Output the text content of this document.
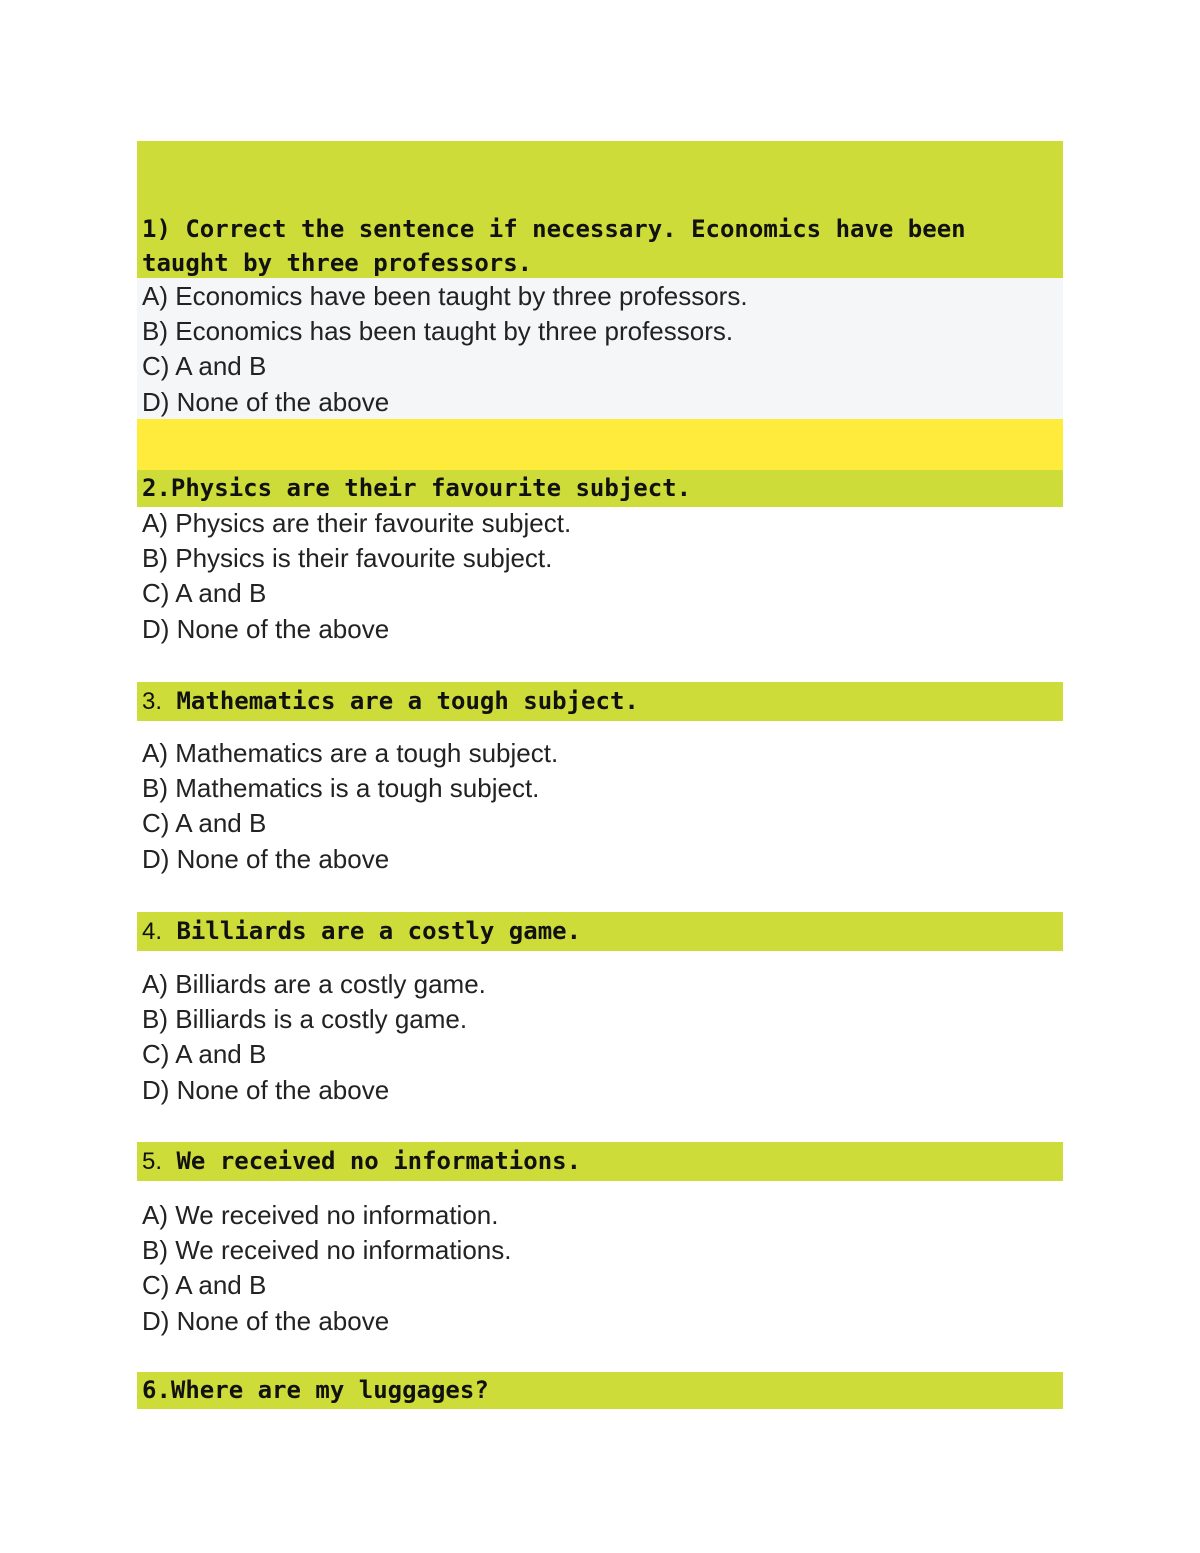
1) Correct the sentence if necessary. Economics have been taught by three professors.
A) Economics have been taught by three professors.
B) Economics has been taught by three professors.
C) A and B
D) None of the above
2.Physics are their favourite subject.
A) Physics are their favourite subject.
B) Physics is their favourite subject.
C) A and B
D) None of the above
3. Mathematics are a tough subject.
A) Mathematics are a tough subject.
B) Mathematics is a tough subject.
C) A and B
D) None of the above
4. Billiards are a costly game.
A) Billiards are a costly game.
B) Billiards is a costly game.
C) A and B
D) None of the above
5. We received no informations.
A) We received no information.
B) We received no informations.
C) A and B
D) None of the above
6.Where are my luggages?
